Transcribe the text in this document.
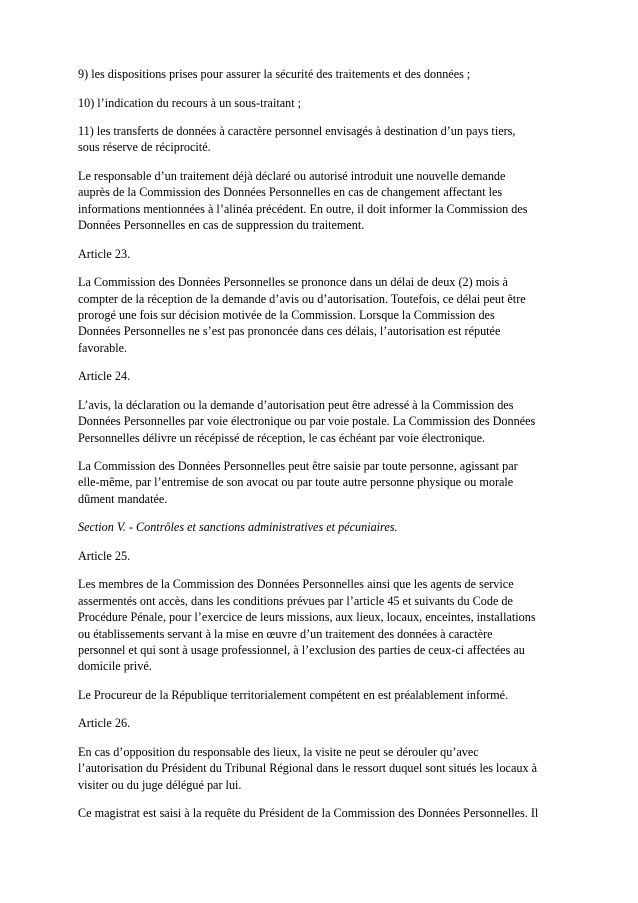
9) les dispositions prises pour assurer la sécurité des traitements et des données ;

10) l’indication du recours à un sous-traitant ;

11) les transferts de données à caractère personnel envisagés à destination d’un pays tiers,
sous réserve de réciprocité.

Le responsable d’un traitement déjà déclaré ou autorisé introduit une nouvelle demande
auprès de la Commission des Données Personnelles en cas de changement affectant les
informations mentionnées à l’alinéa précédent. En outre, il doit informer la Commission des
Données Personnelles en cas de suppression du traitement.

Article 23.

La Commission des Données Personnelles se prononce dans un délai de deux (2) mois à
compter de la réception de la demande d’avis ou d’autorisation. Toutefois, ce délai peut être
prorogé une fois sur décision motivée de la Commission. Lorsque la Commission des
Données Personnelles ne s’est pas prononcée dans ces délais, l’autorisation est réputée
favorable.

Article 24.

L’avis, la déclaration ou la demande d’autorisation peut être adressé à la Commission des
Données Personnelles par voie électronique ou par voie postale. La Commission des Données
Personnelles délivre un récépissé de réception, le cas échéant par voie électronique.

La Commission des Données Personnelles peut être saisie par toute personne, agissant par
elle-même, par l’entremise de son avocat ou par toute autre personne physique ou morale
dûment mandatée.

Section V. - Contrôles et sanctions administratives et pécuniaires.

Article 25.

Les membres de la Commission des Données Personnelles ainsi que les agents de service
assermentés ont accès, dans les conditions prévues par l’article 45 et suivants du Code de
Procédure Pénale, pour l’exercice de leurs missions, aux lieux, locaux, enceintes, installations
ou établissements servant à la mise en œuvre d’un traitement des données à caractère
personnel et qui sont à usage professionnel, à l’exclusion des parties de ceux-ci affectées au
domicile privé.

Le Procureur de la République territorialement compétent en est préalablement informé.

Article 26.

En cas d’opposition du responsable des lieux, la visite ne peut se dérouler qu’avec
l’autorisation du Président du Tribunal Régional dans le ressort duquel sont situés les locaux à
visiter ou du juge délégué par lui.

Ce magistrat est saisi à la requête du Président de la Commission des Données Personnelles. Il
